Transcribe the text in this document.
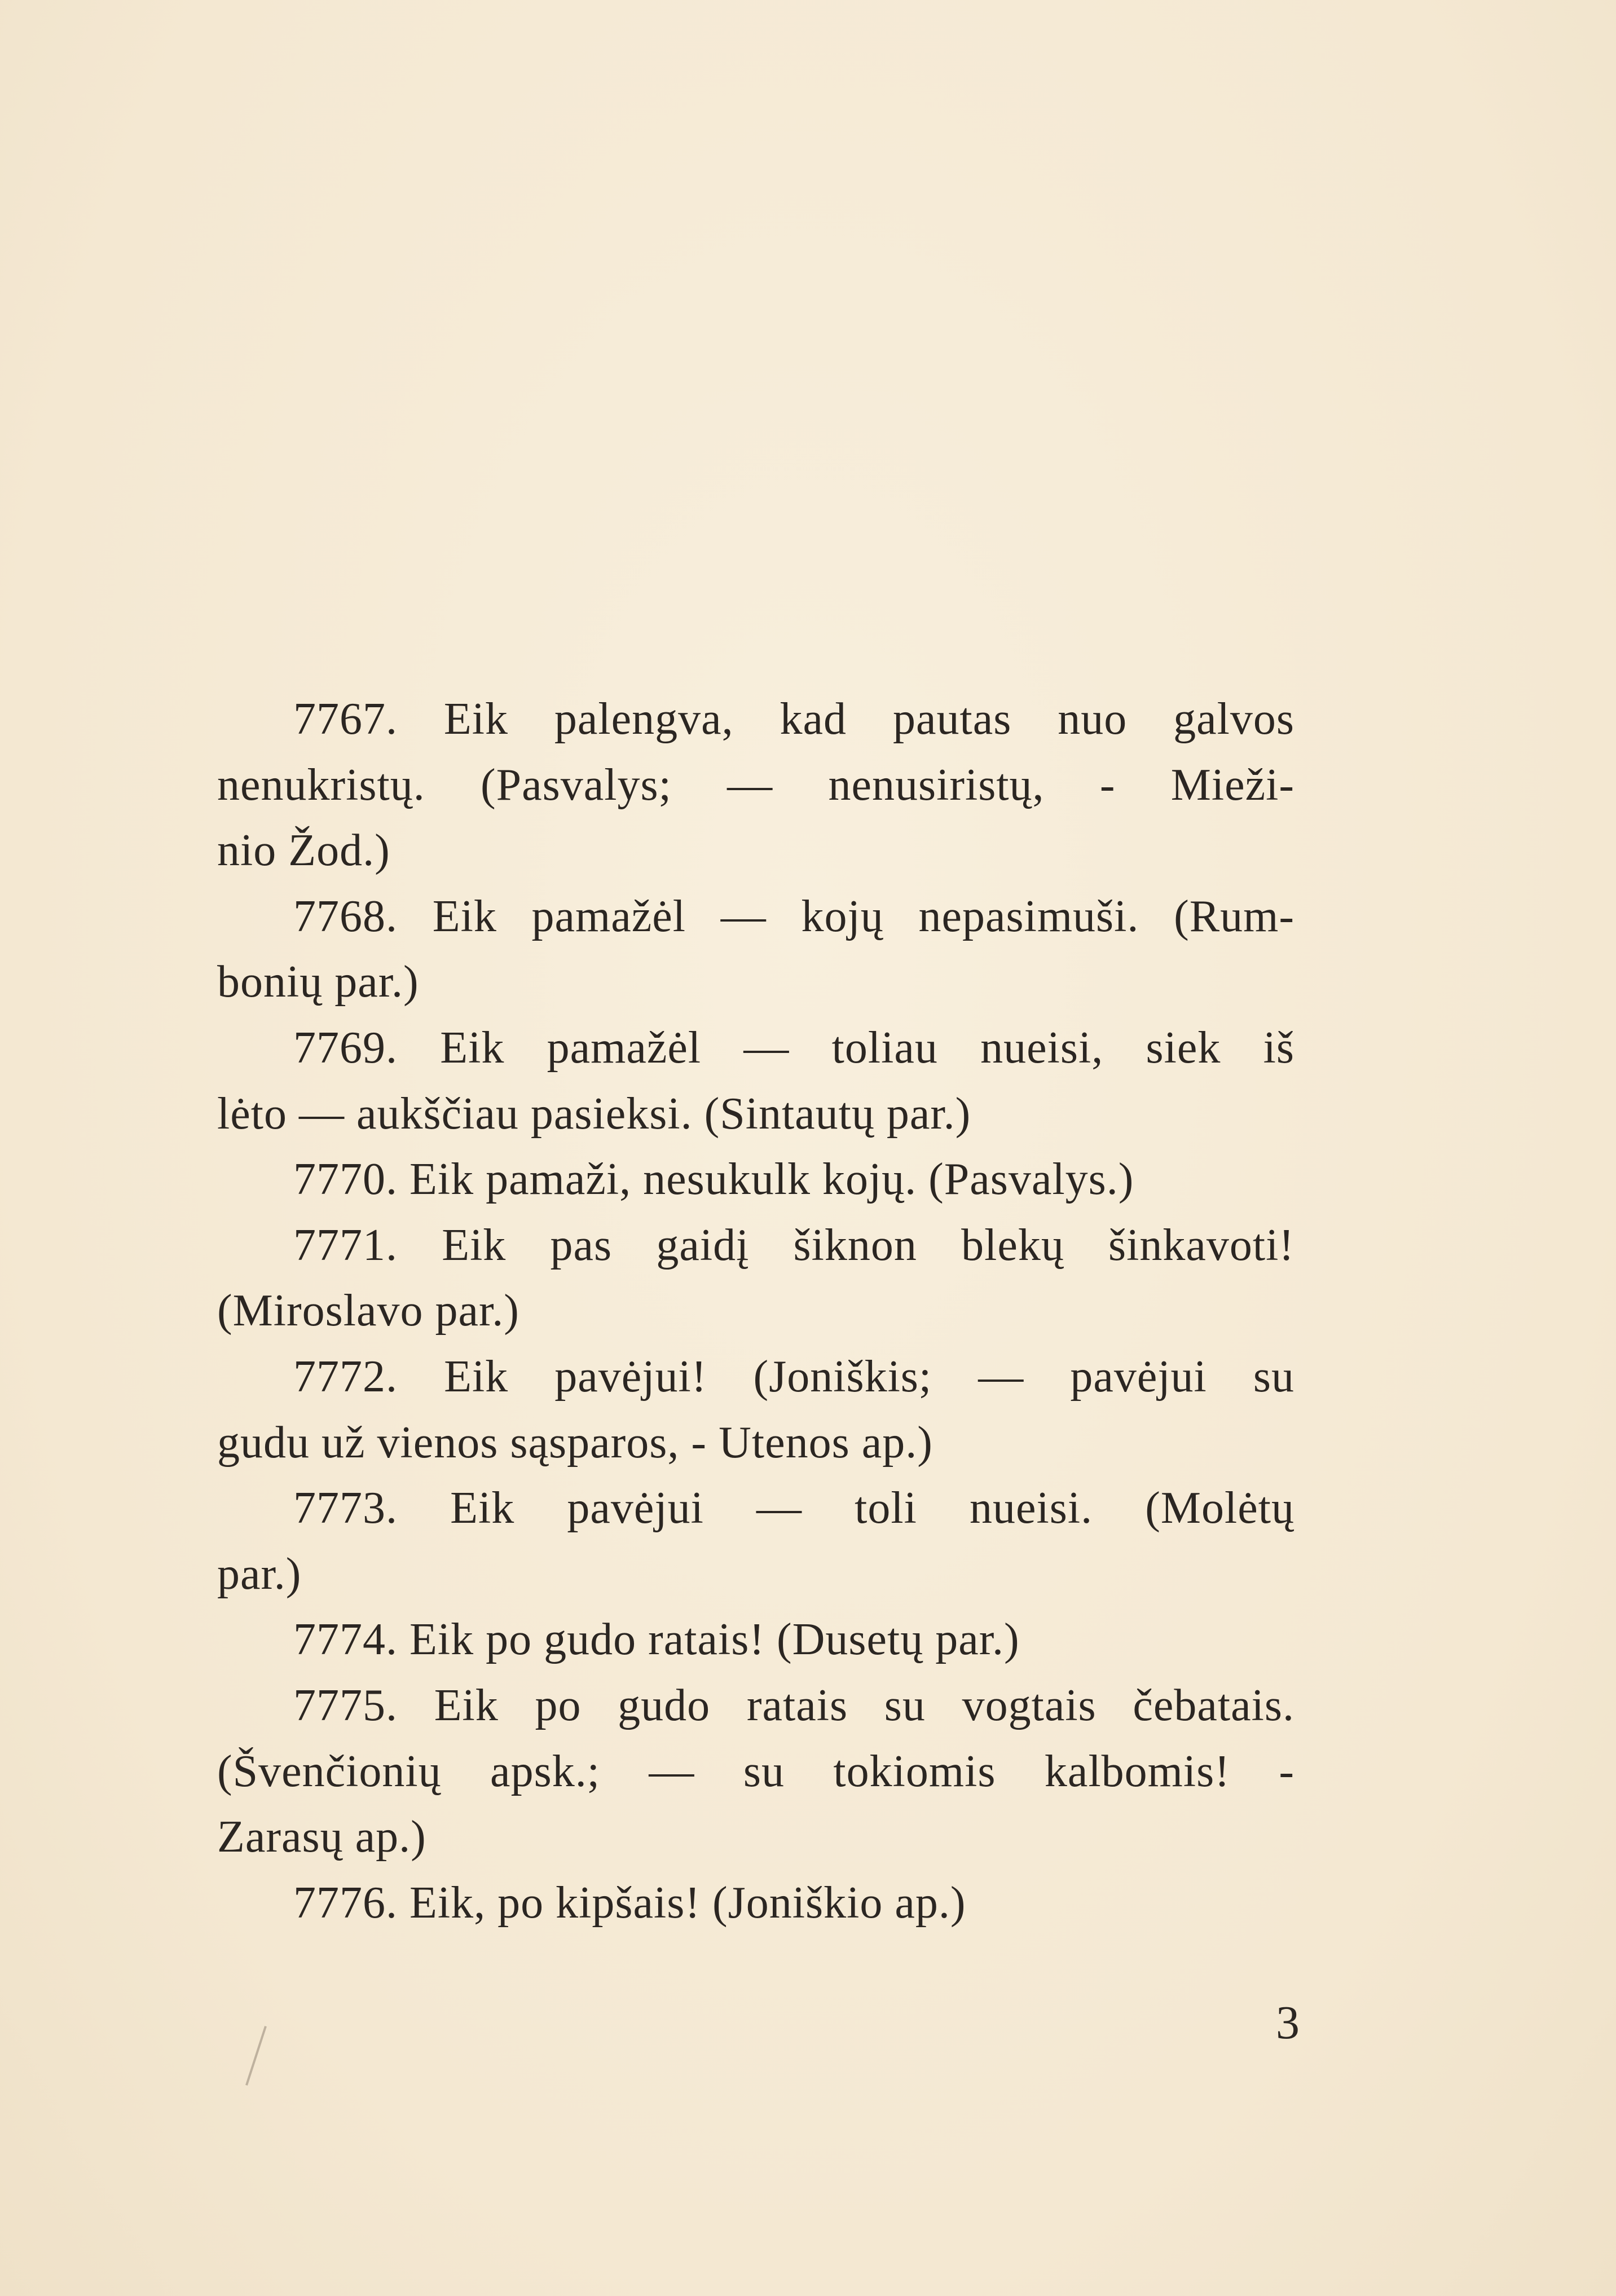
7767. Eik palengva, kad pautas nuo galvos
nenukristų. (Pasvalys; — nenusiristų, - Mieži-
nio Žod.)
7768. Eik pamažėl — kojų nepasimuši. (Rum-
bonių par.)
7769. Eik pamažėl — toliau nueisi, siek iš
lėto — aukščiau pasieksi. (Sintautų par.)
7770. Eik pamaži, nesukulk kojų. (Pasvalys.)
7771. Eik pas gaidį šiknon blekų šinkavoti!
(Miroslavo par.)
7772. Eik pavėjui! (Joniškis; — pavėjui su
gudu už vienos sąsparos, - Utenos ap.)
7773. Eik pavėjui — toli nueisi. (Molėtų
par.)
7774. Eik po gudo ratais! (Dusetų par.)
7775. Eik po gudo ratais su vogtais čebatais.
(Švenčionių apsk.; — su tokiomis kalbomis! -
Zarasų ap.)
7776. Eik, po kipšais! (Joniškio ap.)
3
